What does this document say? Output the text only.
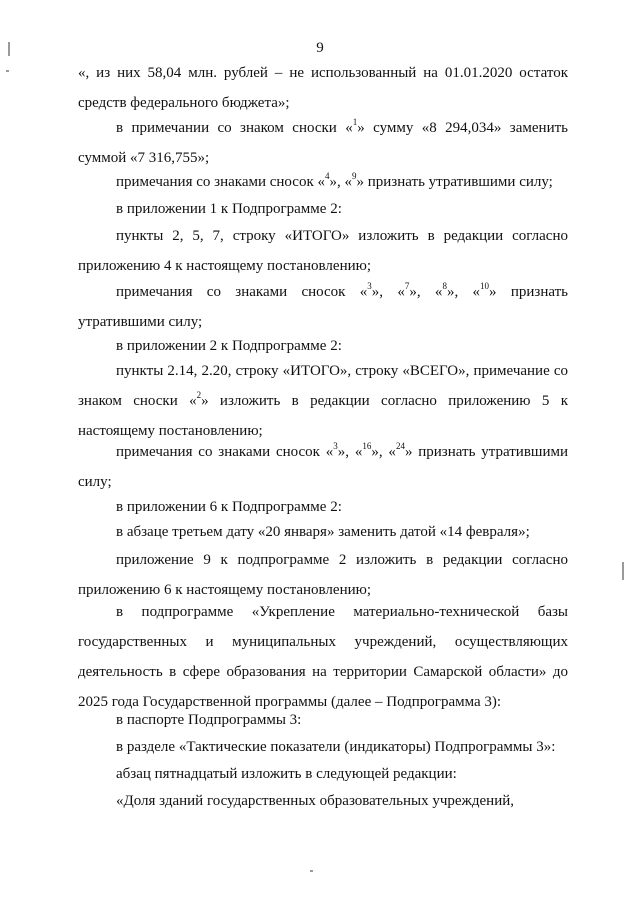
9

«, из них 58,04 млн. рублей – не использованный на 01.01.2020 остаток средств федерального бюджета»;

в примечании со знаком сноски «$^1$» сумму «8 294,034» заменить суммой «7 316,755»;

примечания со знаками сносок «$^4$», «$^9$» признать утратившими силу;

в приложении 1 к Подпрограмме 2:

пункты 2, 5, 7, строку «ИТОГО» изложить в редакции согласно приложению 4 к настоящему постановлению;

примечания со знаками сносок «$^3$», «$^7$», «$^8$», «$^{10}$» признать утратившими силу;

в приложении 2 к Подпрограмме 2:

пункты 2.14, 2.20, строку «ИТОГО», строку «ВСЕГО», примечание со знаком сноски «$^2$» изложить в редакции согласно приложению 5 к настоящему постановлению;

примечания со знаками сносок «$^3$», «$^{16}$», «$^{24}$» признать утратившими силу;

в приложении 6 к Подпрограмме 2:

в абзаце третьем дату «20 января» заменить датой «14 февраля»;

приложение 9 к подпрограмме 2 изложить в редакции согласно приложению 6 к настоящему постановлению;

в подпрограмме «Укрепление материально-технической базы государственных и муниципальных учреждений, осуществляющих деятельность в сфере образования на территории Самарской области» до 2025 года Государственной программы (далее – Подпрограмма 3):

в паспорте Подпрограммы 3:

в разделе «Тактические показатели (индикаторы) Подпрограммы 3»:

абзац пятнадцатый изложить в следующей редакции:

«Доля зданий государственных образовательных учреждений,
